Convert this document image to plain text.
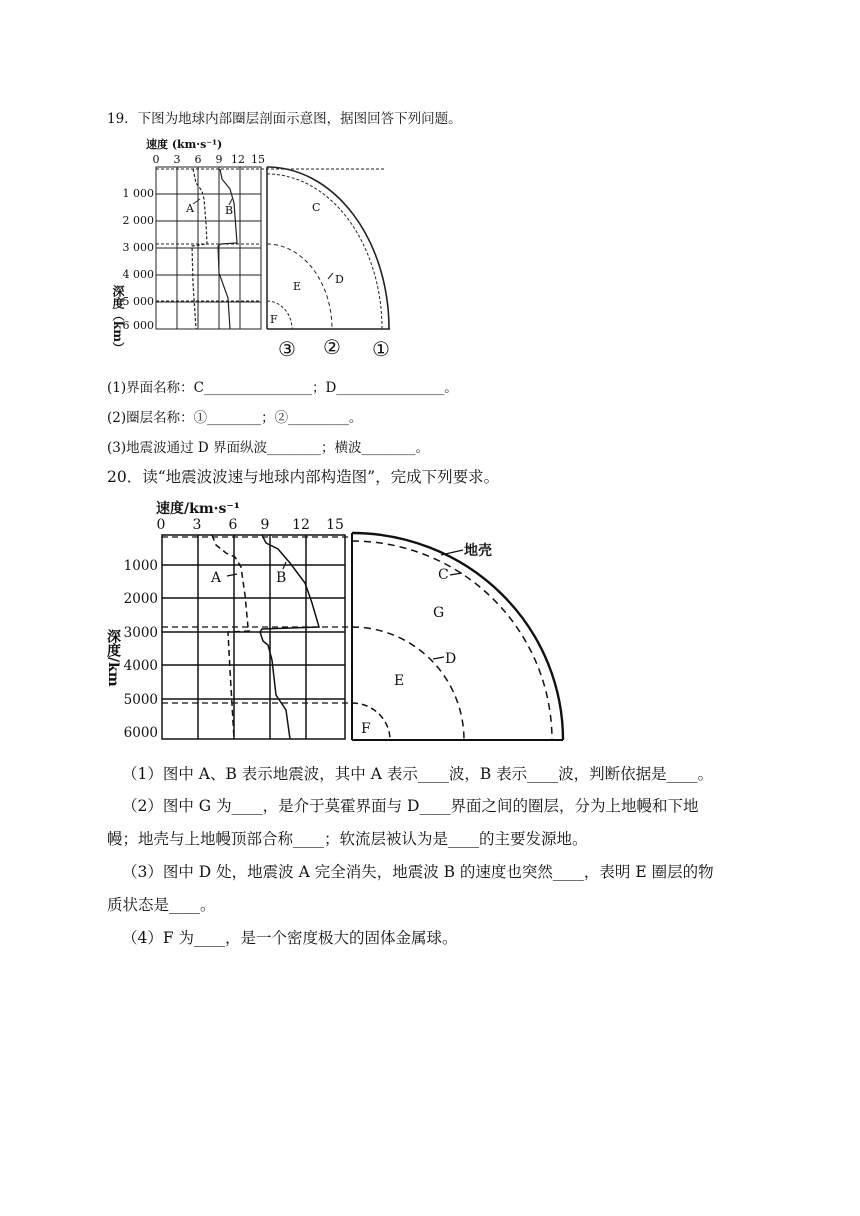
19．下图为地球内部圈层剖面示意图，据图回答下列问题。
速度 (km·s⁻¹)
0 3 6 9 12 15
1 000
2 000
3 000
4 000
5 000
6 000
深度（km）
A	B	C
D
E
F
③ ② ①
(1)界面名称：C________________；D________________。
(2)圈层名称：①________；②_________。
(3)地震波通过 D 界面纵波________；横波________。
20．读“地震波波速与地球内部构造图”，完成下列要求。
速度/km·s⁻¹
0 3 6 9 12 15
1000
2000
3000
4000
5000
6000
深度/km
A	B
地壳
C
G
D
E
F
（1）图中 A、B 表示地震波，其中 A 表示____波，B 表示____波，判断依据是____。
（2）图中 G 为____，是介于莫霍界面与 D____界面之间的圈层，分为上地幔和下地
幔；地壳与上地幔顶部合称____；软流层被认为是____的主要发源地。
（3）图中 D 处，地震波 A 完全消失，地震波 B 的速度也突然____，表明 E 圈层的物
质状态是____。
（4）F 为____，是一个密度极大的固体金属球。
